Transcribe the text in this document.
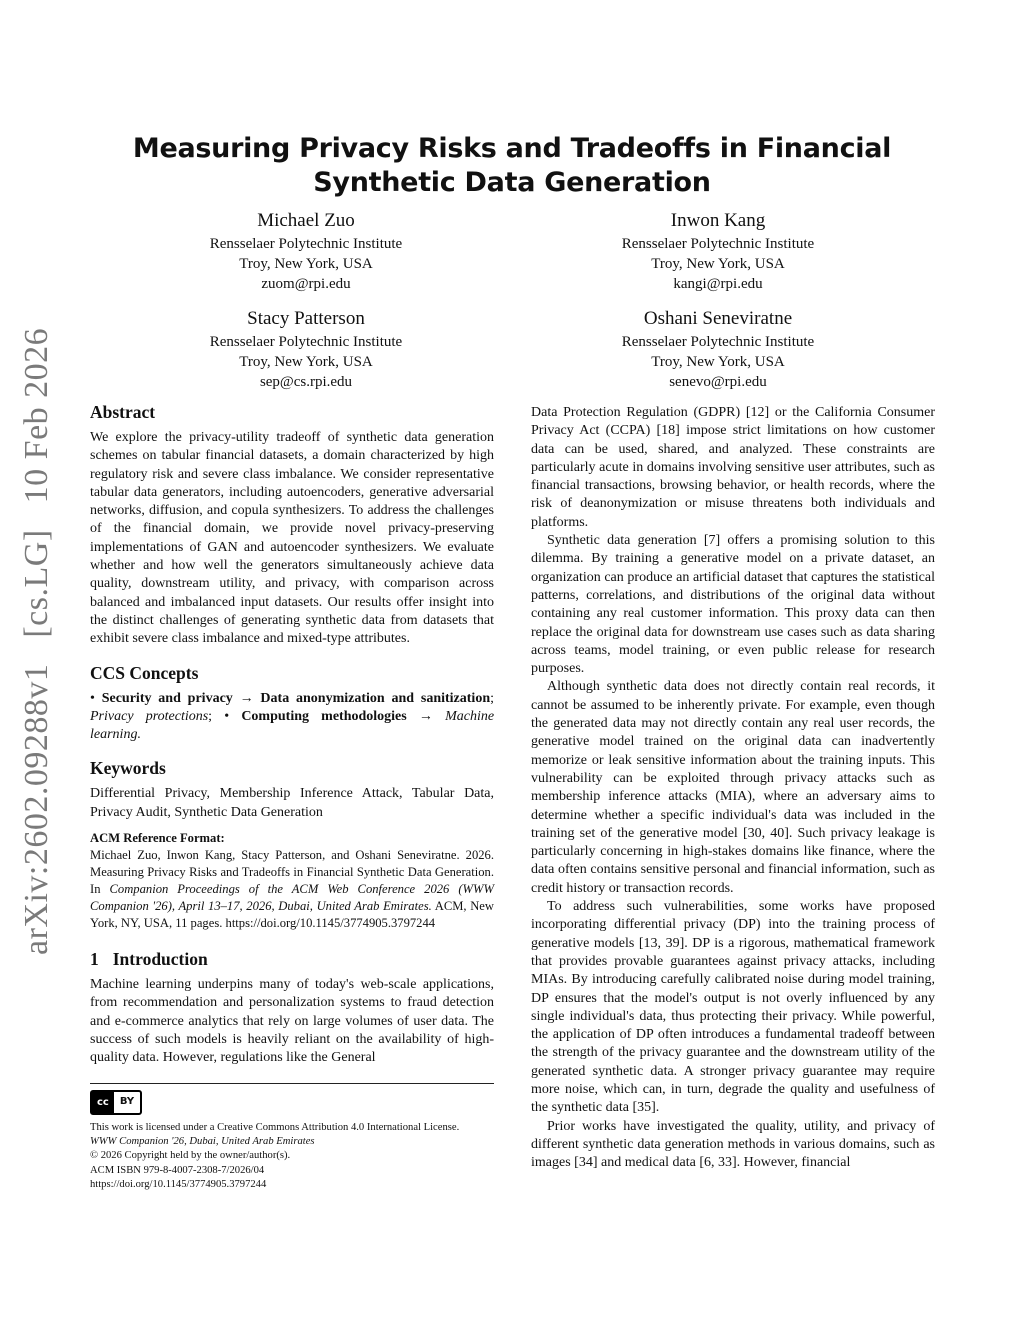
arXiv:2602.09288v1[cs.LG]10 Feb 2026
Measuring Privacy Risks and Tradeoffs in Financial Synthetic Data Generation
Michael Zuo
Rensselaer Polytechnic Institute
Troy, New York, USA
zuom@rpi.edu
Inwon Kang
Rensselaer Polytechnic Institute
Troy, New York, USA
kangi@rpi.edu
Stacy Patterson
Rensselaer Polytechnic Institute
Troy, New York, USA
sep@cs.rpi.edu
Oshani Seneviratne
Rensselaer Polytechnic Institute
Troy, New York, USA
senevo@rpi.edu
Abstract

We explore the privacy-utility tradeoff of synthetic data generation schemes on tabular financial datasets, a domain characterized by high regulatory risk and severe class imbalance. We consider representative tabular data generators, including autoencoders, generative adversarial networks, diffusion, and copula synthesizers. To address the challenges of the financial domain, we provide novel privacy-preserving implementations of GAN and autoencoder synthesizers. We evaluate whether and how well the generators simultaneously achieve data quality, downstream utility, and privacy, with comparison across balanced and imbalanced input datasets. Our results offer insight into the distinct challenges of generating synthetic data from datasets that exhibit severe class imbalance and mixed-type attributes.

CCS Concepts

• Security and privacy → Data anonymization and sanitization; Privacy protections; • Computing methodologies → Machine learning.

Keywords

Differential Privacy, Membership Inference Attack, Tabular Data, Privacy Audit, Synthetic Data Generation

ACM Reference Format:

Michael Zuo, Inwon Kang, Stacy Patterson, and Oshani Seneviratne. 2026. Measuring Privacy Risks and Tradeoffs in Financial Synthetic Data Generation. In Companion Proceedings of the ACM Web Conference 2026 (WWW Companion '26), April 13–17, 2026, Dubai, United Arab Emirates. ACM, New York, NY, USA, 11 pages. https://doi.org/10.1145/3774905.3797244

1 Introduction

Machine learning underpins many of today's web-scale applications, from recommendation and personalization systems to fraud detection and e-commerce analytics that rely on large volumes of user data. The success of such models is heavily reliant on the availability of high-quality data. However, regulations like the General

cc	BY

This work is licensed under a Creative Commons Attribution 4.0 International License.

WWW Companion '26, Dubai, United Arab Emirates

© 2026 Copyright held by the owner/author(s).

ACM ISBN 979-8-4007-2308-7/2026/04

https://doi.org/10.1145/3774905.3797244

Data Protection Regulation (GDPR) [12] or the California Consumer Privacy Act (CCPA) [18] impose strict limitations on how customer data can be used, shared, and analyzed. These constraints are particularly acute in domains involving sensitive user attributes, such as financial transactions, browsing behavior, or health records, where the risk of deanonymization or misuse threatens both individuals and platforms.

Synthetic data generation [7] offers a promising solution to this dilemma. By training a generative model on a private dataset, an organization can produce an artificial dataset that captures the statistical patterns, correlations, and distributions of the original data without containing any real customer information. This proxy data can then replace the original data for downstream use cases such as data sharing across teams, model training, or even public release for research purposes.

Although synthetic data does not directly contain real records, it cannot be assumed to be inherently private. For example, even though the generated data may not directly contain any real user records, the generative model trained on the original data can inadvertently memorize or leak sensitive information about the training inputs. This vulnerability can be exploited through privacy attacks such as membership inference attacks (MIA), where an adversary aims to determine whether a specific individual's data was included in the training set of the generative model [30, 40]. Such privacy leakage is particularly concerning in high-stakes domains like finance, where the data often contains sensitive personal and financial information, such as credit history or transaction records.

To address such vulnerabilities, some works have proposed incorporating differential privacy (DP) into the training process of generative models [13, 39]. DP is a rigorous, mathematical framework that provides provable guarantees against privacy attacks, including MIAs. By introducing carefully calibrated noise during model training, DP ensures that the model's output is not overly influenced by any single individual's data, thus protecting their privacy. While powerful, the application of DP often introduces a fundamental tradeoff between the strength of the privacy guarantee and the downstream utility of the generated synthetic data. A stronger privacy guarantee may require more noise, which can, in turn, degrade the quality and usefulness of the synthetic data [35].

Prior works have investigated the quality, utility, and privacy of different synthetic data generation methods in various domains, such as images [34] and medical data [6, 33]. However, financial
